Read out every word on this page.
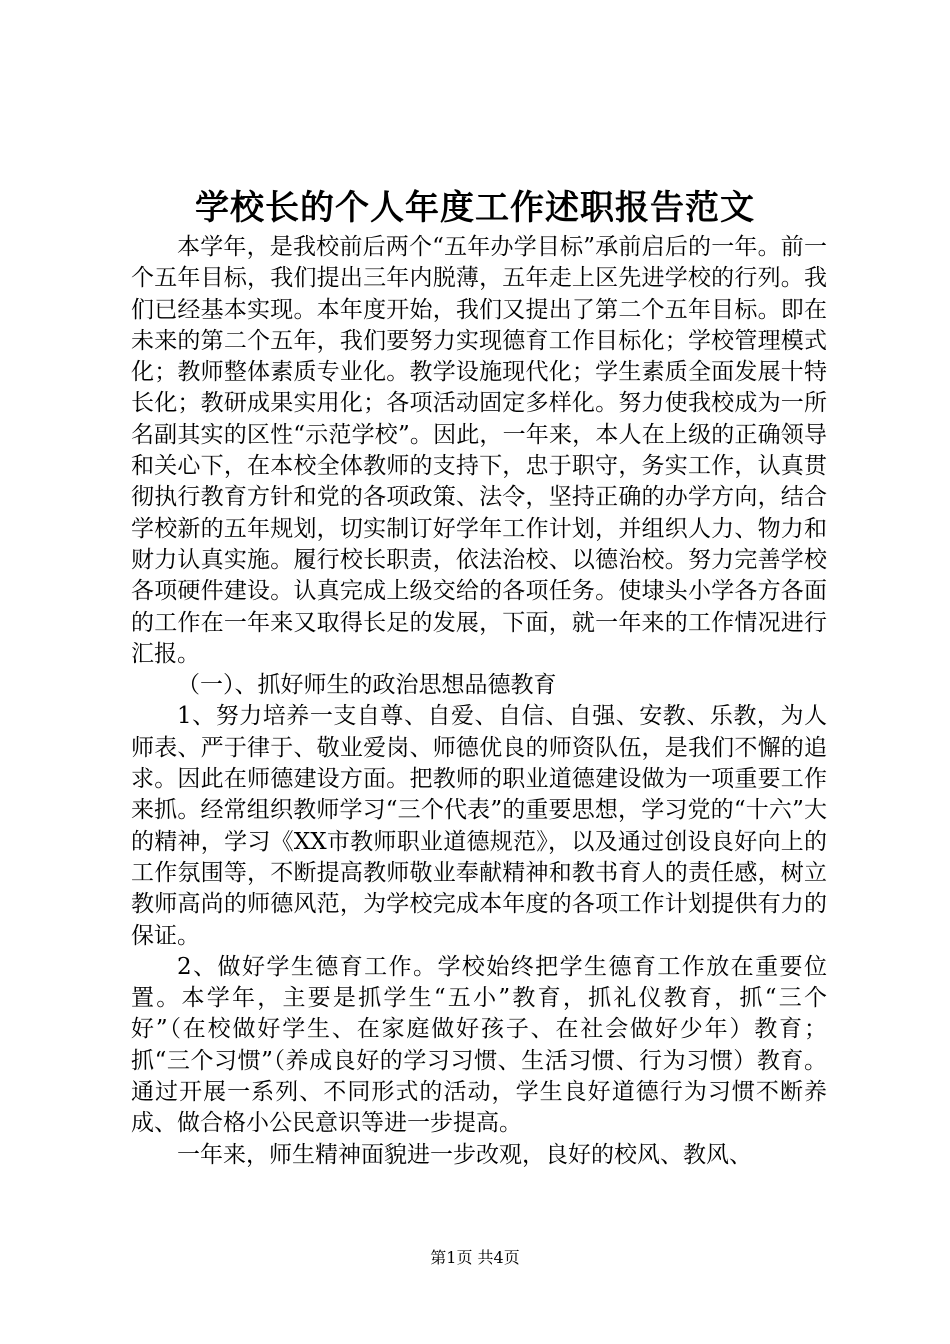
学校长的个人年度工作述职报告范文

本学年，是我校前后两个“五年办学目标”承前启后的一年。前一个五年目标，我们提出三年内脱薄，五年走上区先进学校的行列。我们已经基本实现。本年度开始，我们又提出了第二个五年目标。即在未来的第二个五年，我们要努力实现德育工作目标化；学校管理模式化；教师整体素质专业化。教学设施现代化；学生素质全面发展十特长化；教研成果实用化；各项活动固定多样化。努力使我校成为一所名副其实的区性“示范学校”。因此，一年来，本人在上级的正确领导和关心下，在本校全体教师的支持下，忠于职守，务实工作，认真贯彻执行教育方针和党的各项政策、法令，坚持正确的办学方向，结合学校新的五年规划，切实制订好学年工作计划，并组织人力、物力和财力认真实施。履行校长职责，依法治校、以德治校。努力完善学校各项硬件建设。认真完成上级交给的各项任务。使埭头小学各方各面的工作在一年来又取得长足的发展，下面，就一年来的工作情况进行汇报。

（一）、抓好师生的政治思想品德教育

1、努力培养一支自尊、自爱、自信、自强、安教、乐教，为人师表、严于律于、敬业爱岗、师德优良的师资队伍，是我们不懈的追求。因此在师德建设方面。把教师的职业道德建设做为一项重要工作来抓。经常组织教师学习“三个代表”的重要思想，学习党的“十六”大的精神，学习《XX市教师职业道德规范》，以及通过创设良好向上的工作氛围等，不断提高教师敬业奉献精神和教书育人的责任感，树立教师高尚的师德风范，为学校完成本年度的各项工作计划提供有力的保证。

2、做好学生德育工作。学校始终把学生德育工作放在重要位置。本学年，主要是抓学生“五小”教育，抓礼仪教育，抓“三个好”（在校做好学生、在家庭做好孩子、在社会做好少年）教育；抓“三个习惯”（养成良好的学习习惯、生活习惯、行为习惯）教育。通过开展一系列、不同形式的活动，学生良好道德行为习惯不断养成、做合格小公民意识等进一步提高。

一年来，师生精神面貌进一步改观，良好的校风、教风、

第1页 共4页
